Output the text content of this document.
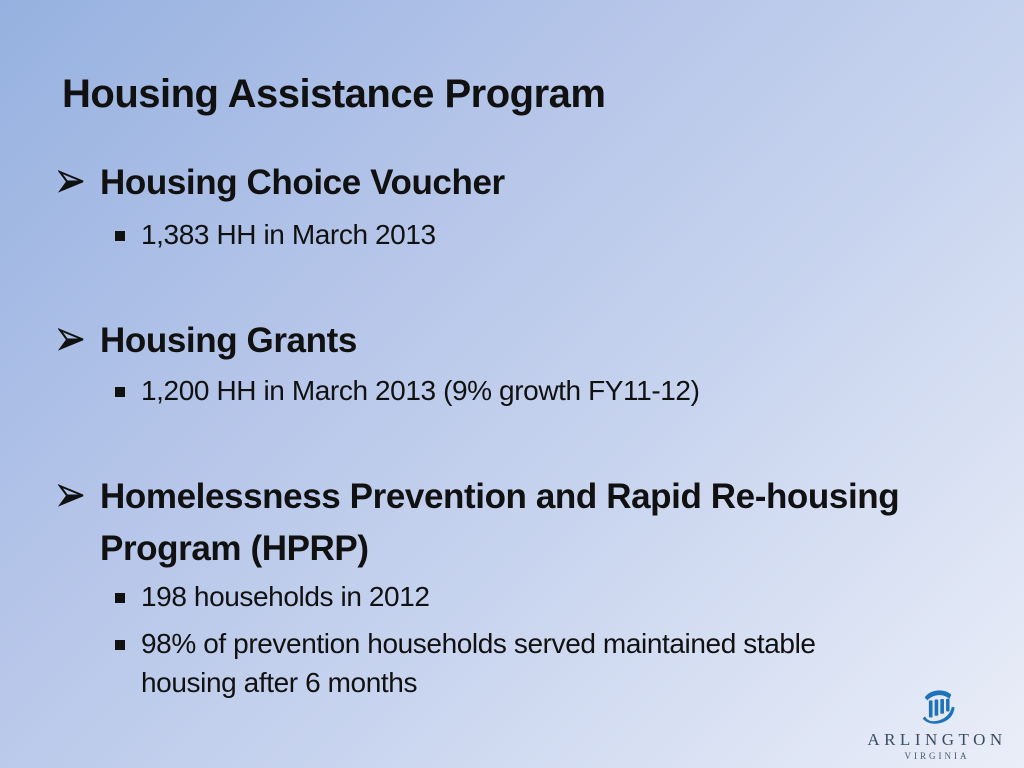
Housing Assistance Program
Housing Choice Voucher
1,383 HH in March 2013
Housing Grants
1,200 HH in March 2013 (9% growth FY11-12)
Homelessness Prevention and Rapid Re-housing
Program (HPRP)
198 households in 2012
98% of prevention households served maintained stable
housing after 6 months
ARLINGTON
VIRGINIA
